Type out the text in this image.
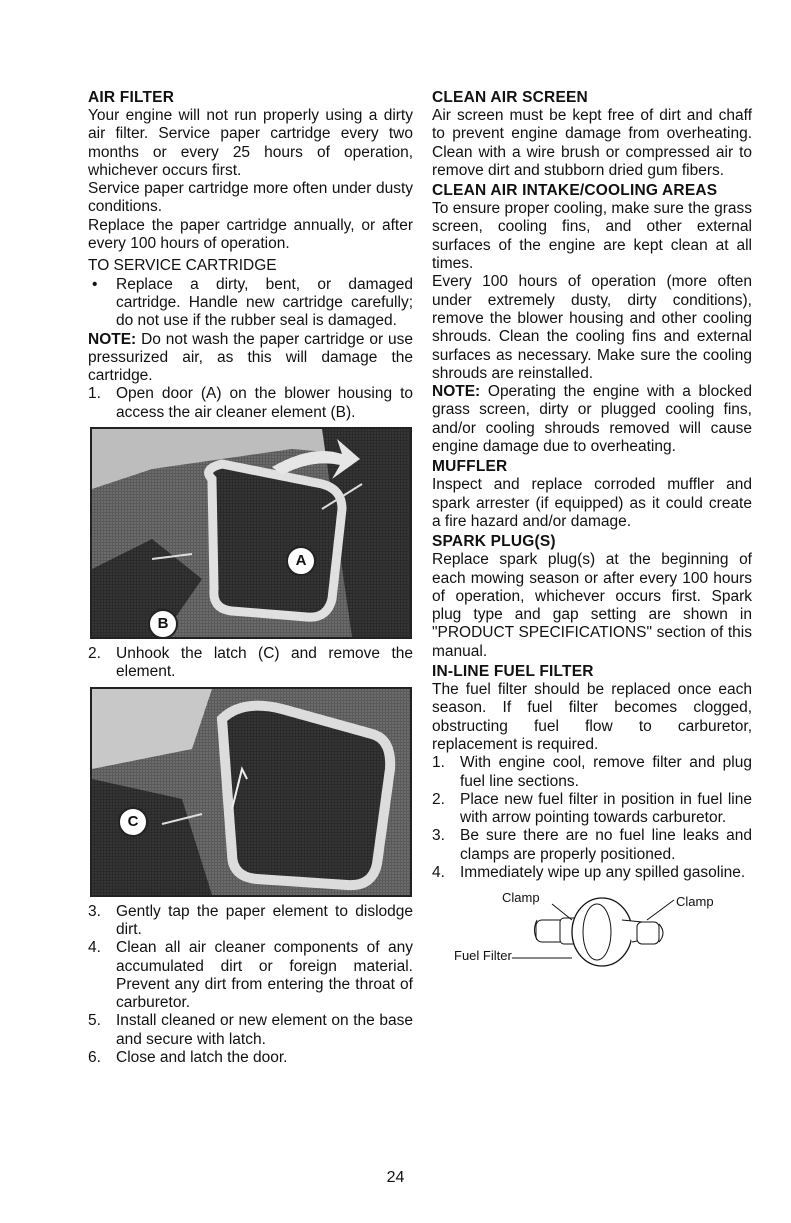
AIR FILTER

Your engine will not run properly using a dirty air filter. Service paper cartridge every two months or every 25 hours of operation, whichever occurs first.

Service paper cartridge more often under dusty conditions.

Replace the paper cartridge annually, or after every 100 hours of operation.

TO SERVICE CARTRIDGE
• Replace a dirty, bent, or damaged cartridge. Handle new cartridge carefully; do not use if the rubber seal is damaged.

NOTE: Do not wash the paper cartridge or use pressurized air, as this will damage the cartridge.

1. Open door (A) on the blower housing to access the air cleaner element (B).
A
B
2. Unhook the latch (C) and remove the element.
C
3. Gently tap the paper element to dislodge dirt.
4. Clean all air cleaner components of any accumulated dirt or foreign material. Prevent any dirt from entering the throat of carburetor.
5. Install cleaned or new element on the base and secure with latch.
6. Close and latch the door.
CLEAN AIR SCREEN

Air screen must be kept free of dirt and chaff to prevent engine damage from overheating. Clean with a wire brush or compressed air to remove dirt and stubborn dried gum fibers.

CLEAN AIR INTAKE/COOLING AREAS

To ensure proper cooling, make sure the grass screen, cooling fins, and other external surfaces of the engine are kept clean at all times.

Every 100 hours of operation (more often under extremely dusty, dirty conditions), remove the blower housing and other cooling shrouds. Clean the cooling fins and external surfaces as necessary. Make sure the cooling shrouds are reinstalled.

NOTE: Operating the engine with a blocked grass screen, dirty or plugged cooling fins, and/or cooling shrouds removed will cause engine damage due to overheating.

MUFFLER

Inspect and replace corroded muffler and spark arrester (if equipped) as it could create a fire hazard and/or damage.

SPARK PLUG(S)

Replace spark plug(s) at the beginning of each mowing season or after every 100 hours of operation, whichever occurs first. Spark plug type and gap setting are shown in "PRODUCT SPECIFICATIONS" section of this manual.

IN-LINE FUEL FILTER

The fuel filter should be replaced once each season. If fuel filter becomes clogged, obstructing fuel flow to carburetor, replacement is required.

1. With engine cool, remove filter and plug fuel line sections.
2. Place new fuel filter in position in fuel line with arrow pointing towards carburetor.
3. Be sure there are no fuel line leaks and clamps are properly positioned.
4. Immediately wipe up any spilled gasoline.
Clamp	Clamp
Fuel Filter
24
